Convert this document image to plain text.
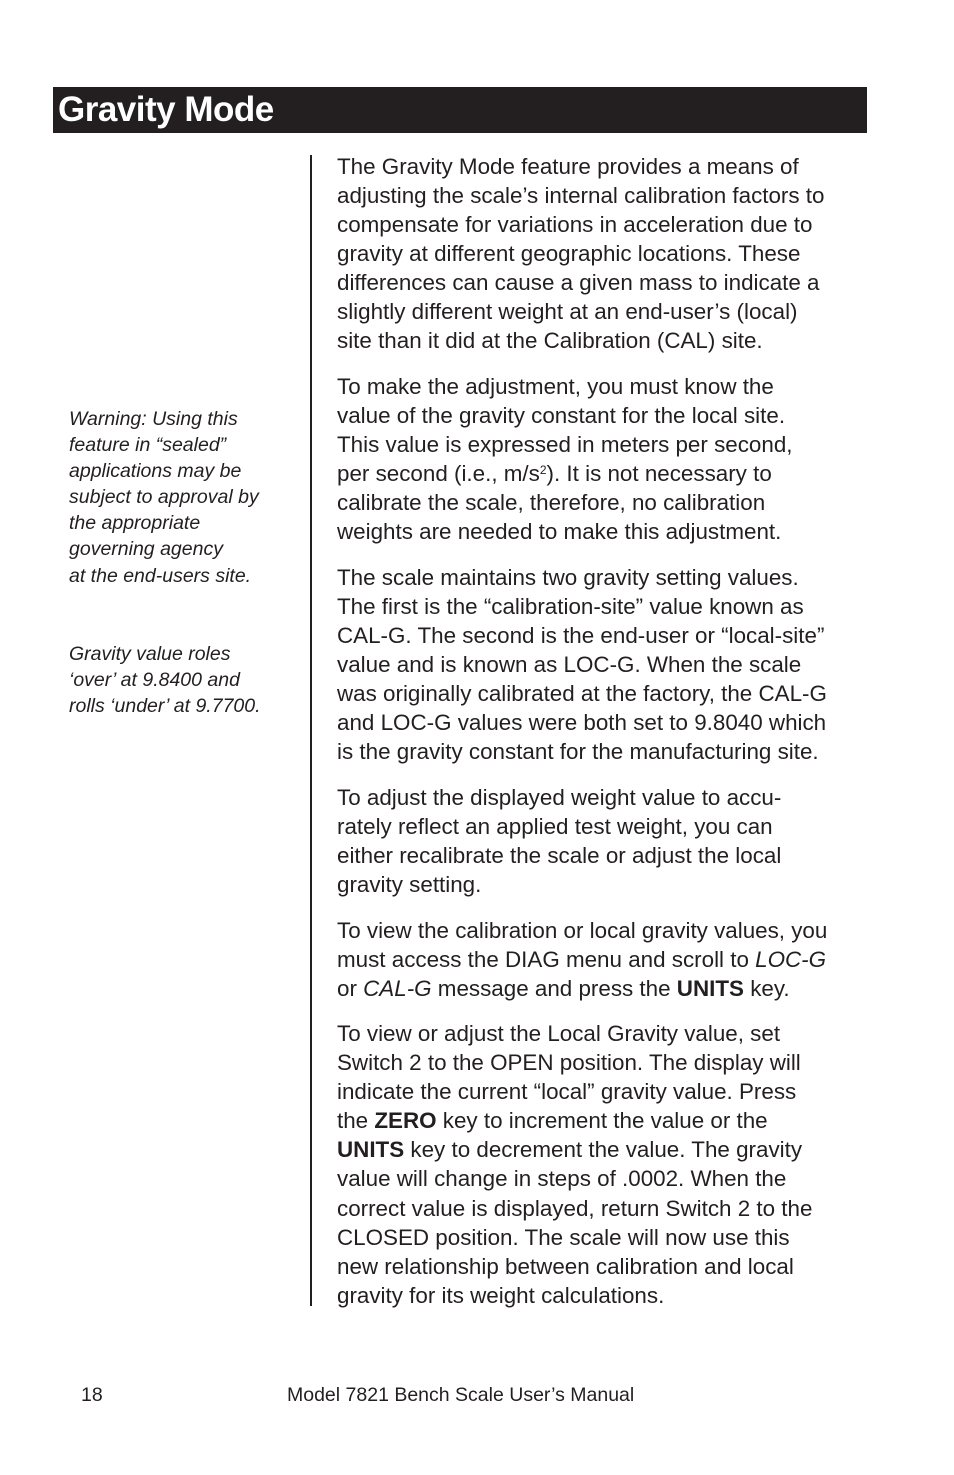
Gravity Mode

Warning: Using this
feature in “sealed”
applications may be
subject to approval by
the appropriate
governing agency
at the end-users site.

Gravity value roles
‘over’ at 9.8400 and
rolls ‘under’ at 9.7700.

The Gravity Mode feature provides a means of
adjusting the scale’s internal calibration factors to
compensate for variations in acceleration due to
gravity at different geographic locations. These
differences can cause a given mass to indicate a
slightly different weight at an end-user’s (local)
site than it did at the Calibration (CAL) site.

To make the adjustment, you must know the
value of the gravity constant for the local site.
This value is expressed in meters per second,
per second (i.e., $m/s^2$). It is not necessary to
calibrate the scale, therefore, no calibration
weights are needed to make this adjustment.

The scale maintains two gravity setting values.
The first is the “calibration-site” value known as
CAL-G. The second is the end-user or “local-site”
value and is known as LOC-G. When the scale
was originally calibrated at the factory, the CAL-G
and LOC-G values were both set to 9.8040 which
is the gravity constant for the manufacturing site.

To adjust the displayed weight value to accu-
rately reflect an applied test weight, you can
either recalibrate the scale or adjust the local
gravity setting.

To view the calibration or local gravity values, you
must access the DIAG menu and scroll to LOC-G
or CAL-G message and press the UNITS key.

To view or adjust the Local Gravity value, set
Switch 2 to the OPEN position. The display will
indicate the current “local” gravity value. Press
the ZERO key to increment the value or the
UNITS key to decrement the value. The gravity
value will change in steps of .0002. When the
correct value is displayed, return Switch 2 to the
CLOSED position. The scale will now use this
new relationship between calibration and local
gravity for its weight calculations.

18	Model 7821 Bench Scale User’s Manual
